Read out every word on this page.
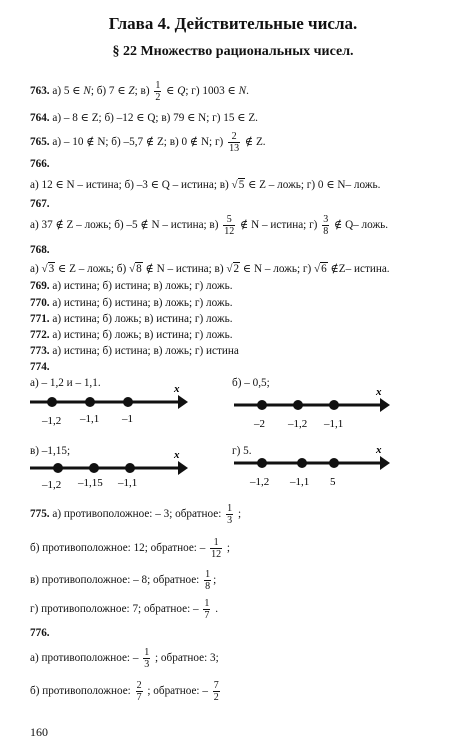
Глава 4. Действительные числа.
§ 22 Множество рациональных чисел.
763. а) 5 ∈ N; б) 7 ∈ Z; $в) \frac{1}{2}$ ∈ Q; г) 1003 ∈ N.
764. а) – 8 ∈ Z; б) –12 ∈ Q; в) 79 ∈ N; г) 15 ∈ Z.
765. а) – 10 ∉ N; б) –5,7 ∉ Z; в) 0 ∉ N; $г) \frac{2}{13}$ ∉ Z.
766.
а) 12 ∈ N – истина; б) –3 ∈ Q – истина; в) √5 ∈ Z – ложь; г) 0 ∈ N– ложь.
767.
а) 37 ∉ Z – ложь; б) –5 ∉ N – истина; $в) \frac{5}{12}$ ∉ N – истина; $г) \frac{3}{8}$ ∉ Q– ложь.
768.
а) √3 ∈ Z – ложь; б) √8 ∉ N – истина; в) √2 ∈ N – ложь; г) √6 ∉Z– истина.
769. а) истина; б) истина; в) ложь; г) ложь.
770. а) истина; б) истина; в) ложь; г) ложь.
771. а) истина; б) ложь; в) истина; г) ложь.
772. а) истина; б) ложь; в) истина; г) ложь.
773. а) истина; б) истина; в) ложь; г) истина
774.
а) – 1,2 и – 1,1.	б) – 0,5;
в) –1,15;	г) 5.
x
–1,2 –1,1 –1
x
–2 –1,2 –1,1
x
–1,2 –1,15 –1,1
x
–1,2 –1,1 5
775. а) противоположное: – 3; обратное: $\frac{1}{3}$ ;
б) противоположное: 12; обратное: – $\frac{1}{12}$ ;
в) противоположное: – 8; обратное: $\frac{1}{8}$ ;
г) противоположное: 7; обратное: – $\frac{1}{7}$ .
776.
а) противоположное: – $\frac{1}{3}$ ; обратное: 3;
б) противоположное: $\frac{2}{7}$ ; обратное: – $\frac{7}{2}$
160
